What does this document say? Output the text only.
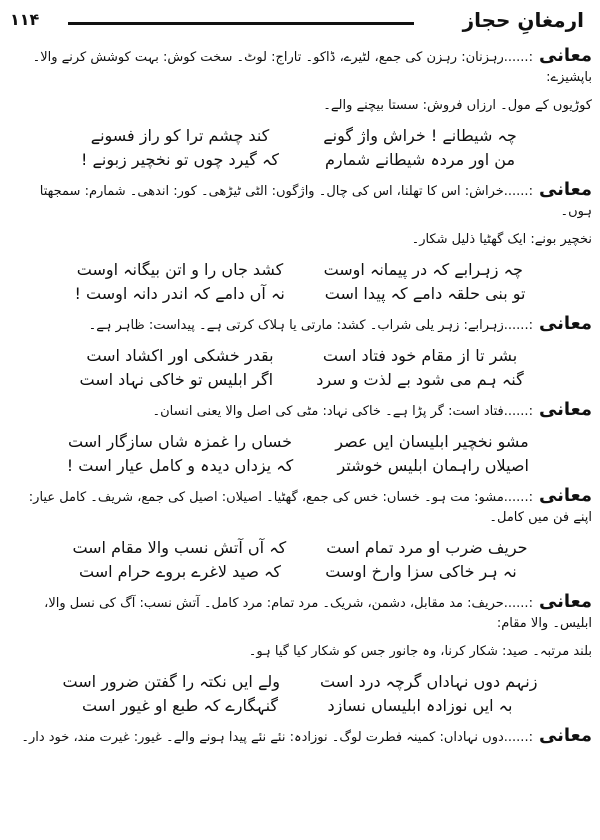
ارمغانِ حجاز
۱۱۴

معانی:......رہزنان: رہزن کی جمع، لٹیرے، ڈاکو۔ تاراج: لوٹ۔ سخت کوش: بہت کوشش کرنے والا۔ باپشیزے:

کوڑیوں کے مول۔ ارزاں فروش: سستا بیچنے والے۔

چہ شیطانے ! خراش واژ گونے
کند چشم ترا کو راز فسونے
من اور مردہ شیطانے شمارم
کہ گیرد چوں تو نخچیر زبونے !

معانی:......خراش: اس کا تھلنا، اس کی چال۔ واژگوں: الٹی ٹیڑھی۔ کور: اندھی۔ شمارم: سمجھتا ہوں۔

نخچیر بونے: ایک گھٹیا ذلیل شکار۔

چہ زہرابے کہ در پیمانہ اوست
کشد جاں را و اتن بیگانہ اوست
تو بنی حلقہ دامے کہ پیدا است
نہ آں دامے کہ اندر دانہ اوست !

معانی:......زہرابے: زہر یلی شراب۔ کشد: مارتی یا ہلاک کرتی ہے۔ پیداست: ظاہر ہے۔

بشر تا از مقام خود فتاد است
بقدر خشکی اور اکشاد است
گنہ ہم می شود بے لذت و سرد
اگر ابلیس تو خاکی نہاد است

معانی:......فتاد است: گر پڑا ہے۔ خاکی نہاد: مٹی کی اصل والا یعنی انسان۔

مشو نخچیر ابلیسان ایں عصر
خساں را غمزہ شاں سازگار است
اصیلاں راہمان ابلیس خوشتر
کہ یزداں دیدہ و کامل عیار است !

معانی:......مشو: مت ہو۔ خساں: خس کی جمع، گھٹیا۔ اصیلاں: اصیل کی جمع، شریف۔ کامل عیار: اپنے فن میں کامل۔

حریف ضرب او مرد تمام است
کہ آں آتش نسب والا مقام است
نہ ہر خاکی سزا وارخ اوست
کہ صید لاغرے بروے حرام است

معانی:......حریف: مد مقابل، دشمن، شریک۔ مرد تمام: مرد کامل۔ آتش نسب: آگ کی نسل والا، ابلیس۔ والا مقام:

بلند مرتبہ۔ صید: شکار کرنا، وہ جانور جس کو شکار کیا گیا ہو۔

زنہم دوں نہاداں گرچہ درد است
ولے ایں نکتہ را گفتن ضرور است
بہ ایں نوزادہ ابلیساں نسازد
گنہگارے کہ طبع او غیور است

معانی:......دوں نہاداں: کمینہ فطرت لوگ۔ نوزادہ: نئے نئے پیدا ہونے والے۔ غیور: غیرت مند، خود دار۔
